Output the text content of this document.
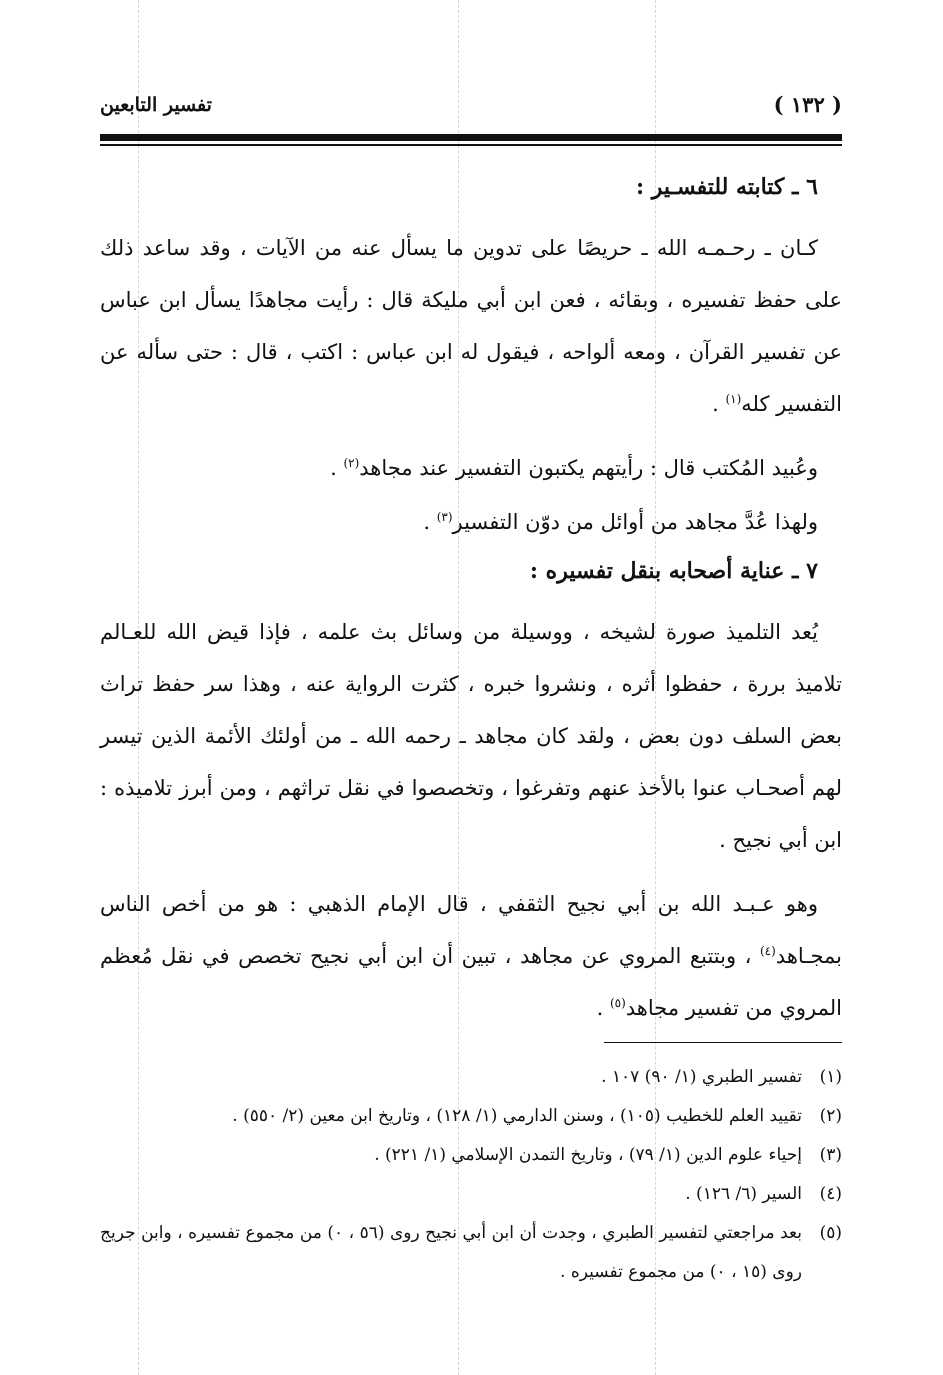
( ١٣٢ )
تفسير التابعين
٦ ـ كتابته للتفسـير :

كـان ـ رحـمـه الله ـ حريصًا على تدوين ما يسأل عنه من الآيات ، وقد ساعد ذلك على حفظ تفسيره ، وبقائه ، فعن ابن أبي مليكة قال : رأيت مجاهدًا يسأل ابن عباس عن تفسير القرآن ، ومعه ألواحه ، فيقول له ابن عباس : اكتب ، قال : حتى سأله عن التفسير كله$^{(١)}$ .

وعُبيد المُكتب قال : رأيتهم يكتبون التفسير عند مجاهد$^{(٢)}$ .

ولهذا عُدَّ مجاهد من أوائل من دوّن التفسير$^{(٣)}$ .

٧ ـ عناية أصحابه بنقل تفسيره :

يُعد التلميذ صورة لشيخه ، ووسيلة من وسائل بث علمه ، فإذا قيض الله للعـالم تلاميذ بررة ، حفظوا أثره ، ونشروا خبره ، كثرت الرواية عنه ، وهذا سر حفظ تراث بعض السلف دون بعض ، ولقد كان مجاهد ـ رحمه الله ـ من أولئك الأئمة الذين تيسر لهم أصحـاب عنوا بالأخذ عنهم وتفرغوا ، وتخصصوا في نقل تراثهم ، ومن أبرز تلاميذه : ابن أبي نجيح .

وهو عـبـد الله بن أبي نجيح الثقفي ، قال الإمام الذهبي : هو من أخص الناس بمجـاهد$^{(٤)}$ ، وبتتبع المروي عن مجاهد ، تبين أن ابن أبي نجيح تخصص في نقل مُعظم المروي من تفسير مجاهد$^{(٥)}$ .

(١)
تفسير الطبري (١/ ٩٠) ١٠٧ .

(٢)
تقييد العلم للخطيب (١٠٥) ، وسنن الدارمي (١/ ١٢٨) ، وتاريخ ابن معين (٢/ ٥٥٠) .

(٣)
إحياء علوم الدين (١/ ٧٩) ، وتاريخ التمدن الإسلامي (١/ ٢٢١) .

(٤)
السير (٦/ ١٢٦) .

(٥)
بعد مراجعتي لتفسير الطبري ، وجدت أن ابن أبي نجيح روى (٥٦ ، ٠) من مجموع تفسيره ، وابن جريج روى (١٥ ، ٠) من مجموع تفسيره .
